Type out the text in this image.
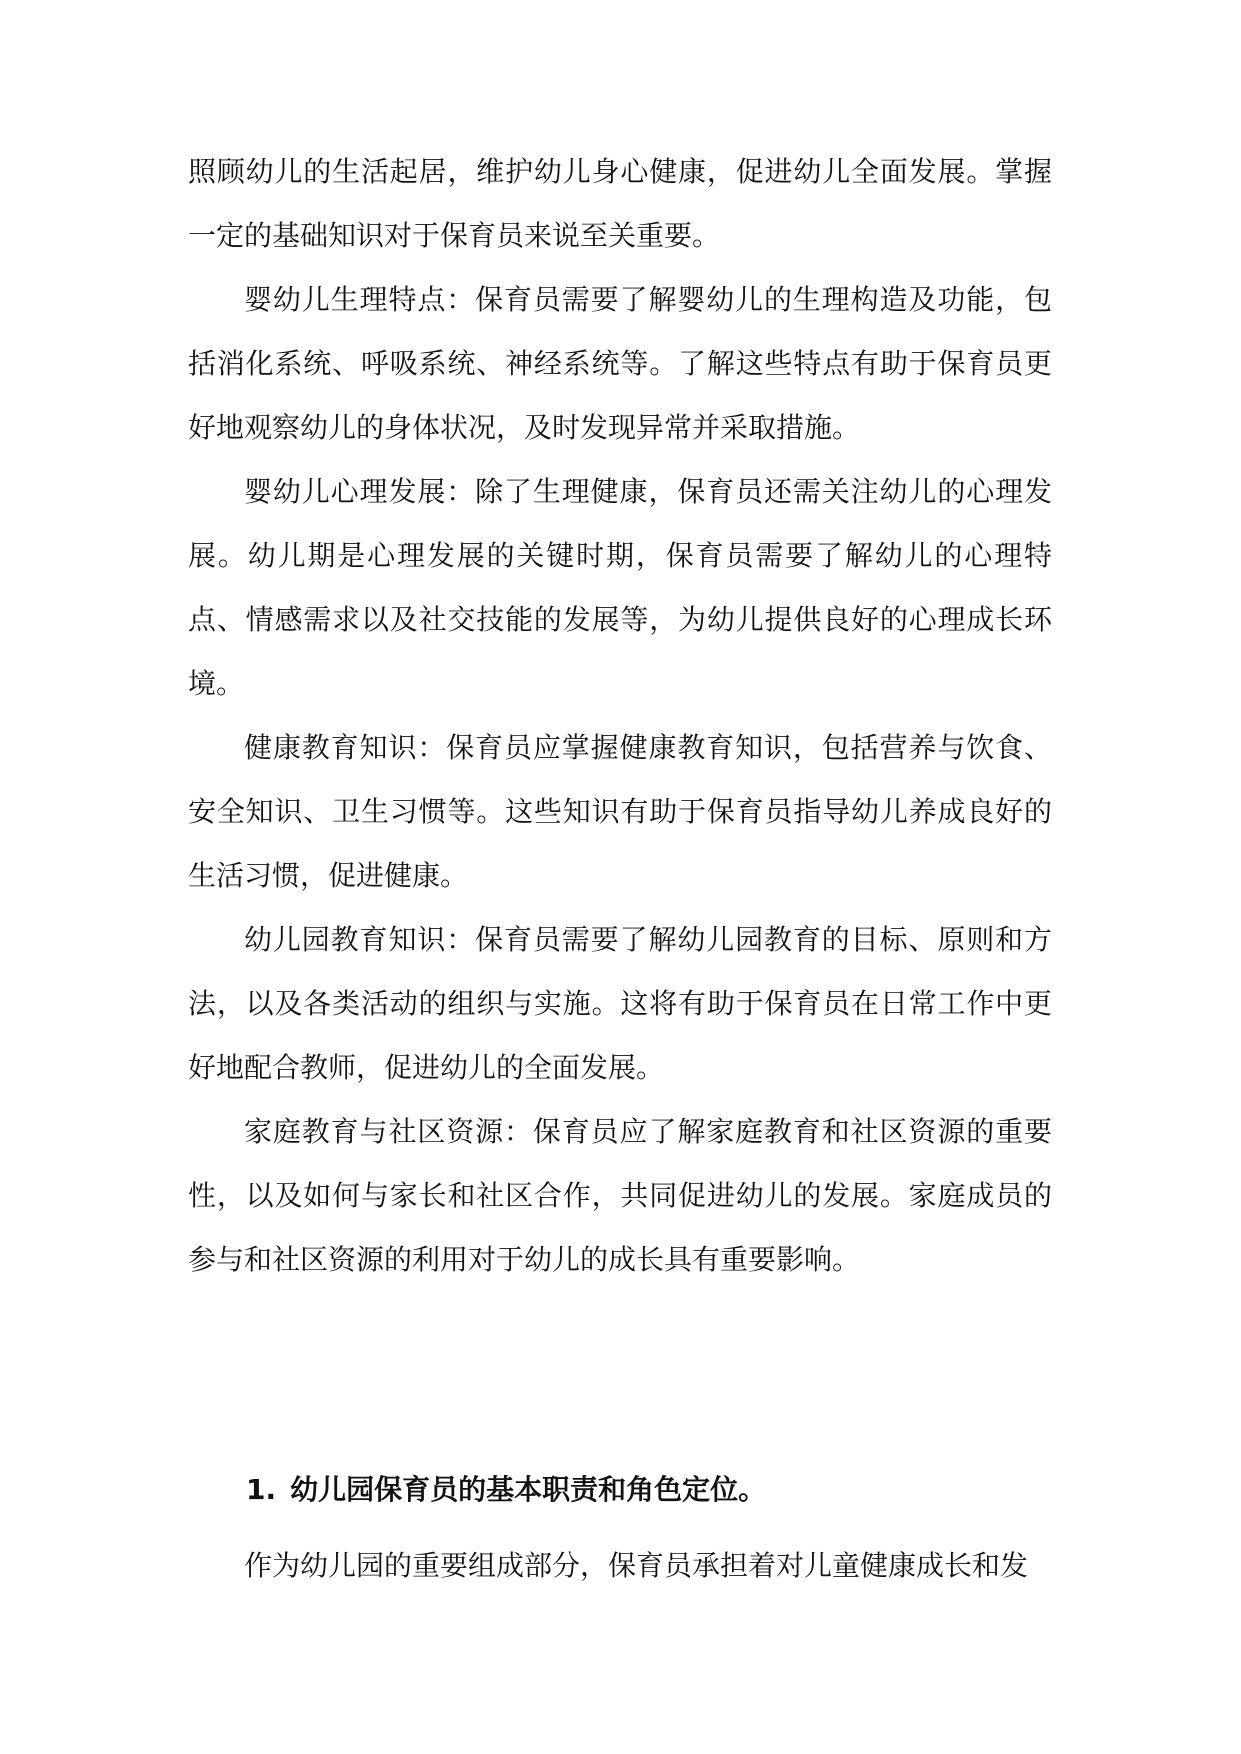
照顾幼儿的生活起居，维护幼儿身心健康，促进幼儿全面发展。掌握一定的基础知识对于保育员来说至关重要。

婴幼儿生理特点：保育员需要了解婴幼儿的生理构造及功能，包括消化系统、呼吸系统、神经系统等。了解这些特点有助于保育员更好地观察幼儿的身体状况，及时发现异常并采取措施。

婴幼儿心理发展：除了生理健康，保育员还需关注幼儿的心理发展。幼儿期是心理发展的关键时期，保育员需要了解幼儿的心理特点、情感需求以及社交技能的发展等，为幼儿提供良好的心理成长环境。

健康教育知识：保育员应掌握健康教育知识，包括营养与饮食、安全知识、卫生习惯等。这些知识有助于保育员指导幼儿养成良好的生活习惯，促进健康。

幼儿园教育知识：保育员需要了解幼儿园教育的目标、原则和方法，以及各类活动的组织与实施。这将有助于保育员在日常工作中更好地配合教师，促进幼儿的全面发展。

家庭教育与社区资源：保育员应了解家庭教育和社区资源的重要性，以及如何与家长和社区合作，共同促进幼儿的发展。家庭成员的参与和社区资源的利用对于幼儿的成长具有重要影响。

1. 幼儿园保育员的基本职责和角色定位。

作为幼儿园的重要组成部分，保育员承担着对儿童健康成长和发
